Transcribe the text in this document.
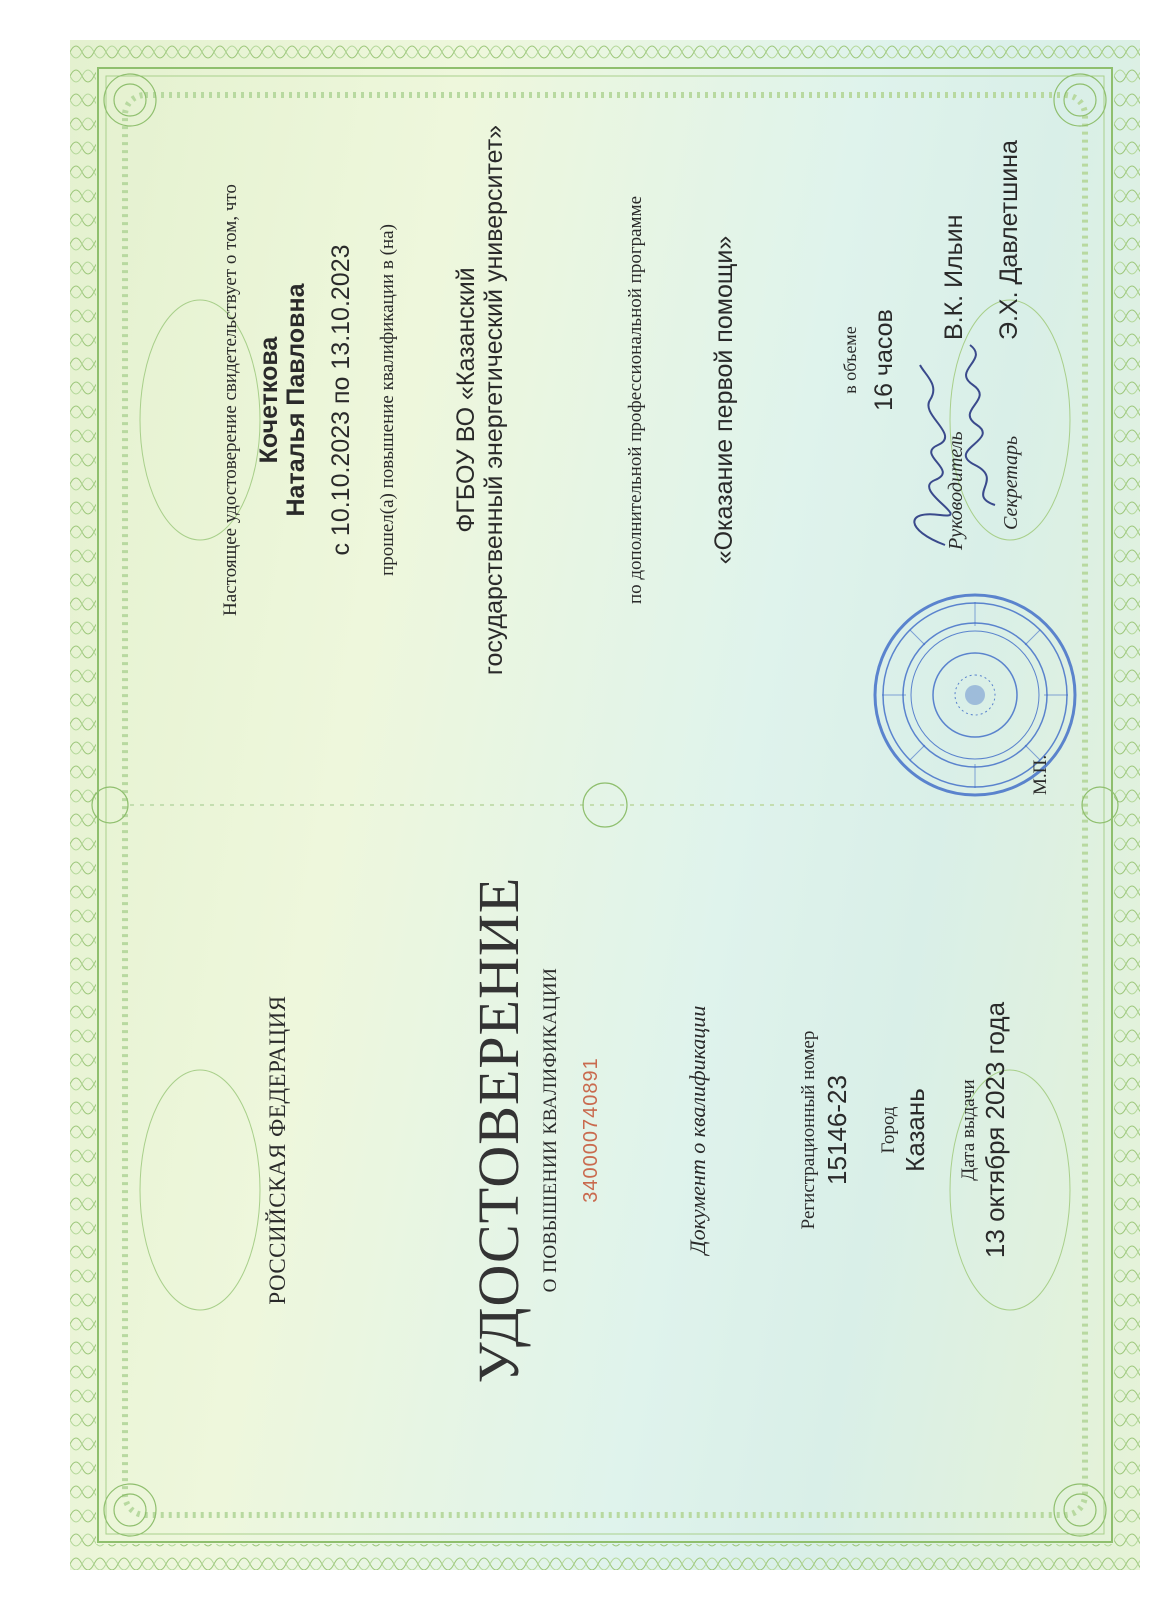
РОССИЙСКАЯ ФЕДЕРАЦИЯ	УДОСТОВЕРЕНИЕ О ПОВЫШЕНИИ КВАЛИФИКАЦИИ 340000740891	Документ о квалификации	Регистрационный номер 15146-23 Город Казань Дата выдачи 13 октября 2023 года
Настоящее удостоверение свидетельствует о том, что Кочеткова Наталья Павловна с 10.10.2023 по 13.10.2023 прошел(а) повышение квалификации в (на) ФГБОУ ВО «Казанский государственный энергетический университет»	по дополнительной профессиональной программе	«Оказание первой помощи»	в объеме 16 часов
М.П.
Руководитель
В.К. Ильин
Секретарь
Э.Х. Давлетшина
